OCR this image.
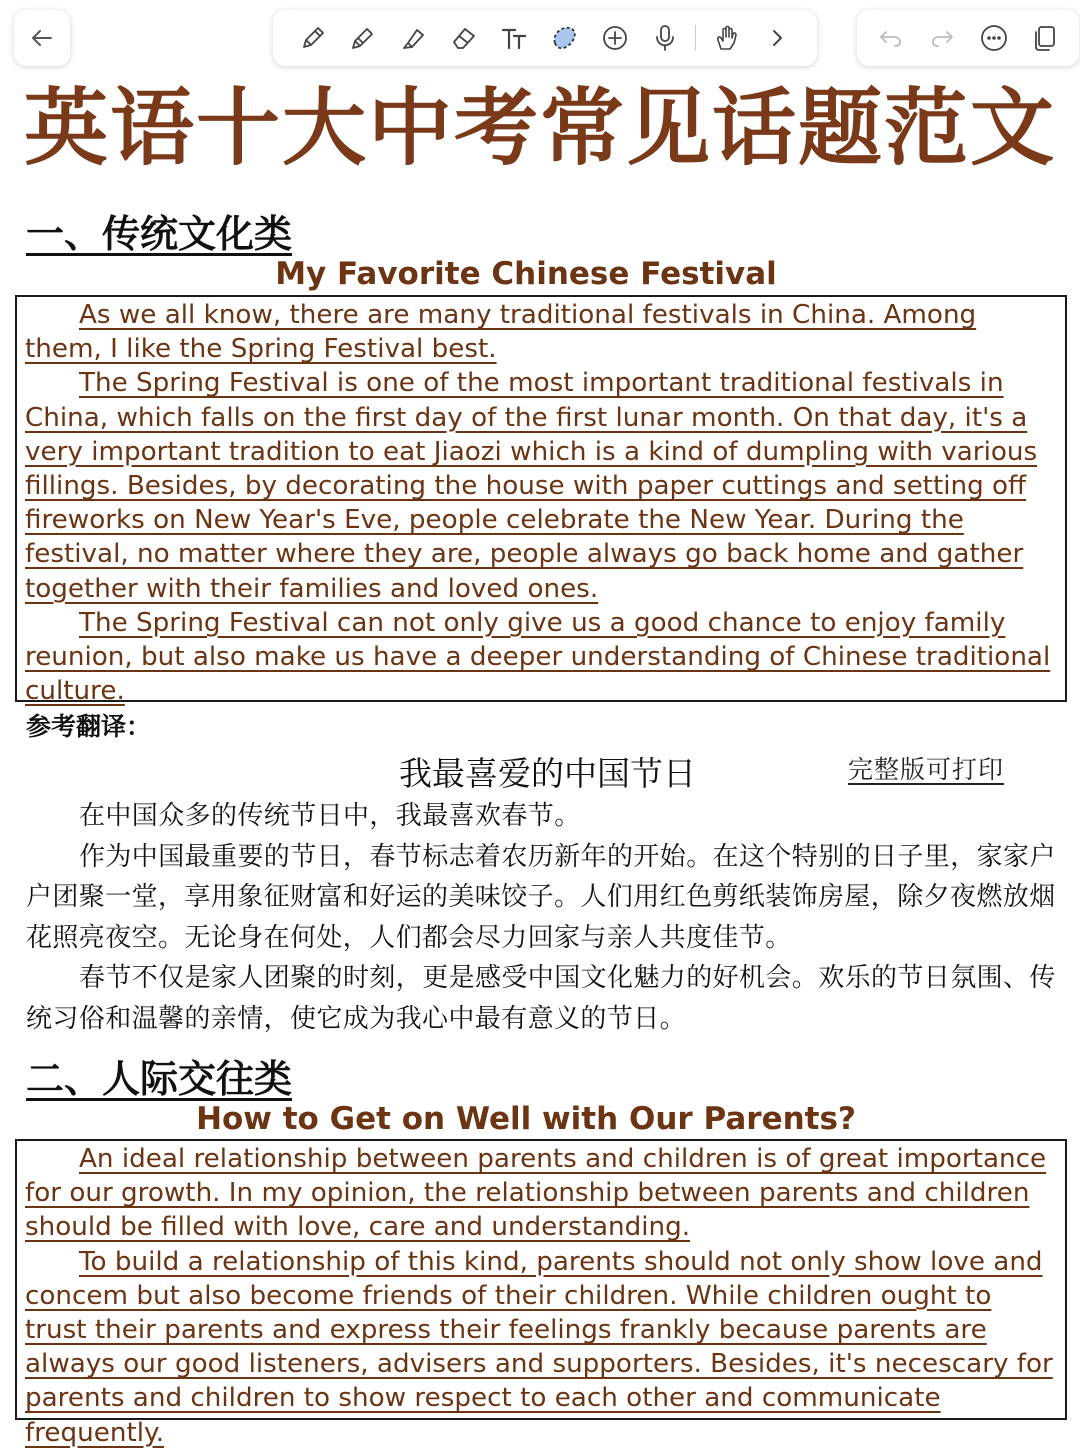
英语十大中考常见话题范文
一、传统文化类
My Favorite Chinese Festival

As we all know, there are many traditional festivals in China. Among them, I like the Spring Festival best.

The Spring Festival is one of the most important traditional festivals in China, which falls on the first day of the first lunar month. On that day, it's a very important tradition to eat Jiaozi which is a kind of dumpling with various fillings. Besides, by decorating the house with paper cuttings and setting off fireworks on New Year's Eve, people celebrate the New Year. During the festival, no matter where they are, people always go back home and gather together with their families and loved ones.

The Spring Festival can not only give us a good chance to enjoy family reunion, but also make us have a deeper understanding of Chinese traditional culture.

参考翻译：
我最喜爱的中国节日	完整版可打印

在中国众多的传统节日中，我最喜欢春节。

作为中国最重要的节日，春节标志着农历新年的开始。在这个特别的日子里，家家户户团聚一堂，享用象征财富和好运的美味饺子。人们用红色剪纸装饰房屋，除夕夜燃放烟花照亮夜空。无论身在何处，人们都会尽力回家与亲人共度佳节。

春节不仅是家人团聚的时刻，更是感受中国文化魅力的好机会。欢乐的节日氛围、传统习俗和温馨的亲情，使它成为我心中最有意义的节日。

二、人际交往类
How to Get on Well with Our Parents?

An ideal relationship between parents and children is of great importance for our growth. In my opinion, the relationship between parents and children should be filled with love, care and understanding.

To build a relationship of this kind, parents should not only show love and concem but also become friends of their children. While children ought to trust their parents and express their feelings frankly because parents are always our good listeners, advisers and supporters. Besides, it's necescary for parents and children to show respect to each other and communicate frequently.
